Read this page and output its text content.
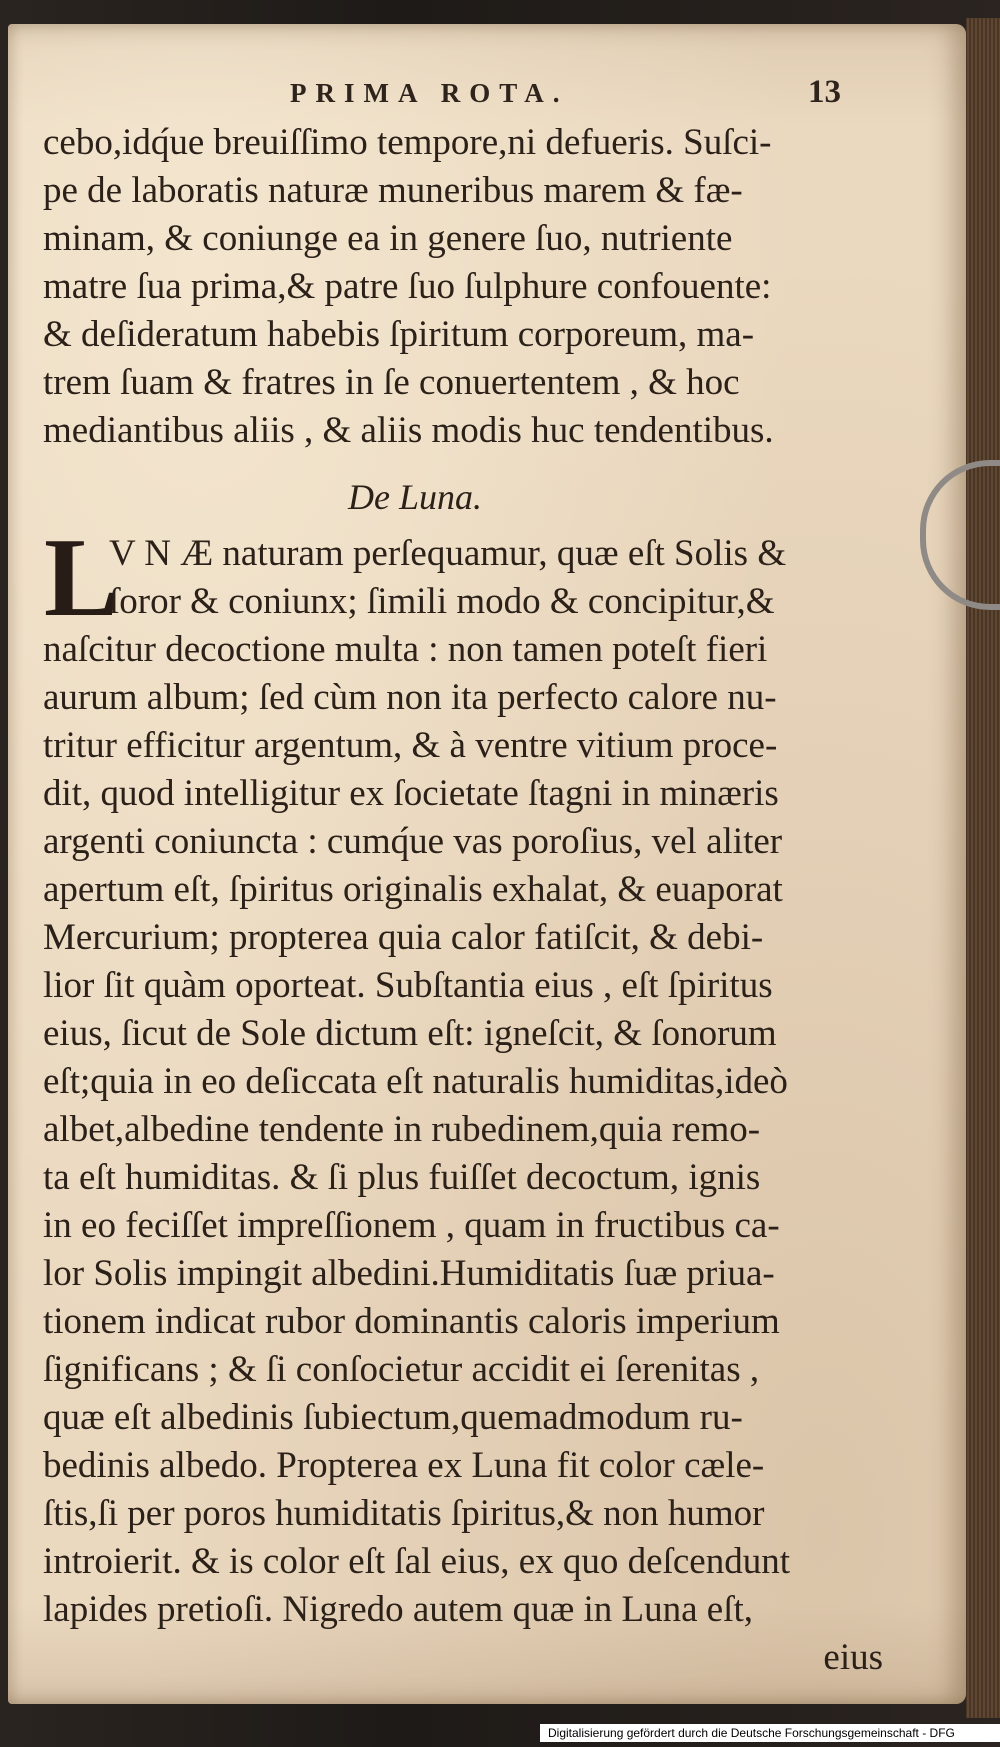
PRIMA ROTA.	13
cebo,idq́ue breuiſſimo tempore,ni defueris. Suſci-
pe de laboratis naturæ muneribus marem & fæ-
minam, & coniunge ea in genere ſuo, nutriente
matre ſua prima,& patre ſuo ſulphure confouente:
& deſideratum habebis ſpiritum corporeum, ma-
trem ſuam & fratres in ſe conuertentem , & hoc
mediantibus aliis , & aliis modis huc tendentibus.
De Luna.
L
V N Æ naturam perſequamur, quæ eſt Solis &
ſoror & coniunx; ſimili modo & concipitur,&
naſcitur decoctione multa : non tamen poteſt fieri
aurum album; ſed cùm non ita perfecto calore nu-
tritur efficitur argentum, & à ventre vitium proce-
dit, quod intelligitur ex ſocietate ſtagni in minæris
argenti coniuncta : cumq́ue vas poroſius, vel aliter
apertum eſt, ſpiritus originalis exhalat, & euaporat
Mercurium; propterea quia calor fatiſcit, & debi-
lior ſit quàm oporteat. Subſtantia eius , eſt ſpiritus
eius, ſicut de Sole dictum eſt: igneſcit, & ſonorum
eſt;quia in eo deſiccata eſt naturalis humiditas,ideò
albet,albedine tendente in rubedinem,quia remo-
ta eſt humiditas. & ſi plus fuiſſet decoctum, ignis
in eo feciſſet impreſſionem , quam in fructibus ca-
lor Solis impingit albedini.Humiditatis ſuæ priua-
tionem indicat rubor dominantis caloris imperium
ſignificans ; & ſi conſocietur accidit ei ſerenitas ,
quæ eſt albedinis ſubiectum,quemadmodum ru-
bedinis albedo. Propterea ex Luna fit color cæle-
ſtis,ſi per poros humiditatis ſpiritus,& non humor
introierit. & is color eſt ſal eius, ex quo deſcendunt
lapides pretioſi. Nigredo autem quæ in Luna eſt,
eius
Digitalisierung gefördert durch die Deutsche Forschungsgemeinschaft - DFG
